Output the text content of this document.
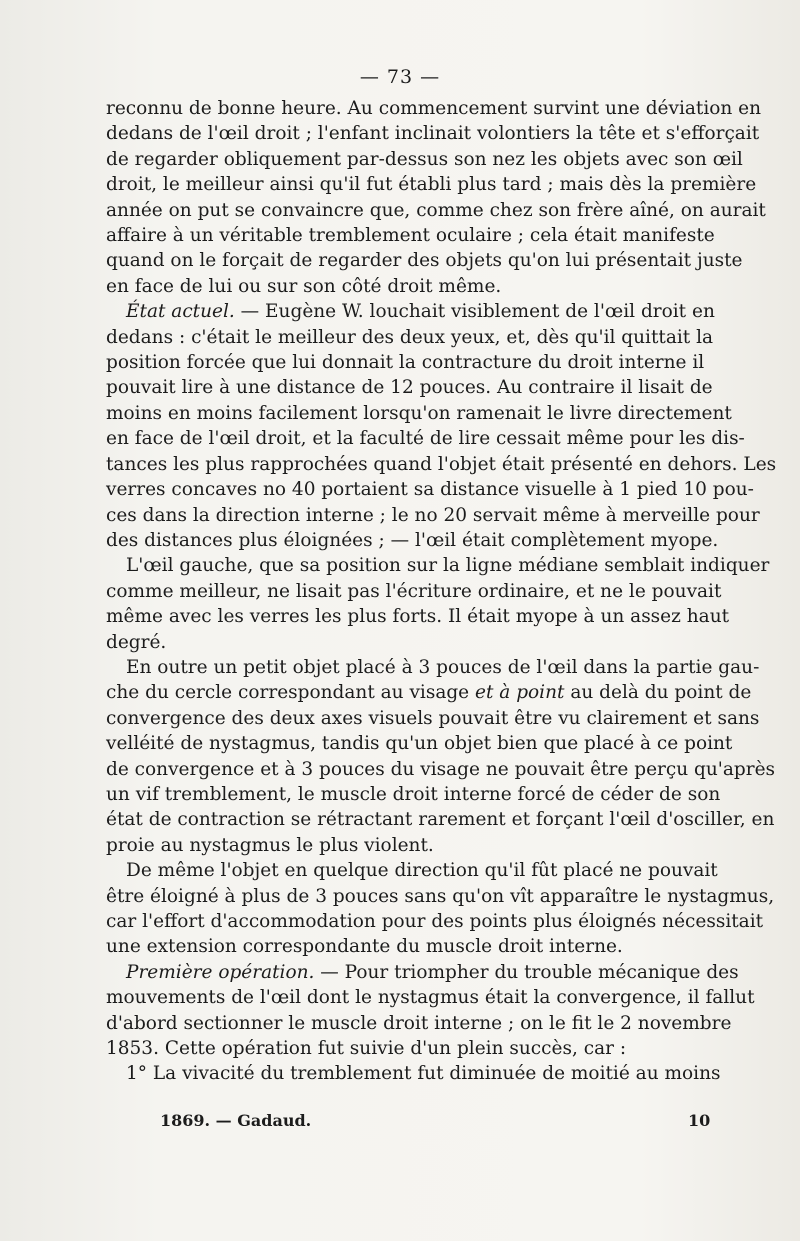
— 73 —
reconnu de bonne heure. Au commencement survint une déviation en
dedans de l'œil droit ; l'enfant inclinait volontiers la tête et s'efforçait
de regarder obliquement par-dessus son nez les objets avec son œil
droit, le meilleur ainsi qu'il fut établi plus tard ; mais dès la première
année on put se convaincre que, comme chez son frère aîné, on aurait
affaire à un véritable tremblement oculaire ; cela était manifeste
quand on le forçait de regarder des objets qu'on lui présentait juste
en face de lui ou sur son côté droit même.
État actuel. — Eugène W. louchait visiblement de l'œil droit en
dedans : c'était le meilleur des deux yeux, et, dès qu'il quittait la
position forcée que lui donnait la contracture du droit interne il
pouvait lire à une distance de 12 pouces. Au contraire il lisait de
moins en moins facilement lorsqu'on ramenait le livre directement
en face de l'œil droit, et la faculté de lire cessait même pour les dis-
tances les plus rapprochées quand l'objet était présenté en dehors. Les
verres concaves no 40 portaient sa distance visuelle à 1 pied 10 pou-
ces dans la direction interne ; le no 20 servait même à merveille pour
des distances plus éloignées ; — l'œil était complètement myope.
L'œil gauche, que sa position sur la ligne médiane semblait indiquer
comme meilleur, ne lisait pas l'écriture ordinaire, et ne le pouvait
même avec les verres les plus forts. Il était myope à un assez haut
degré.
En outre un petit objet placé à 3 pouces de l'œil dans la partie gau-
che du cercle correspondant au visage et à point au delà du point de
convergence des deux axes visuels pouvait être vu clairement et sans
velléité de nystagmus, tandis qu'un objet bien que placé à ce point
de convergence et à 3 pouces du visage ne pouvait être perçu qu'après
un vif tremblement, le muscle droit interne forcé de céder de son
état de contraction se rétractant rarement et forçant l'œil d'osciller, en
proie au nystagmus le plus violent.
De même l'objet en quelque direction qu'il fût placé ne pouvait
être éloigné à plus de 3 pouces sans qu'on vît apparaître le nystagmus,
car l'effort d'accommodation pour des points plus éloignés nécessitait
une extension correspondante du muscle droit interne.
Première opération. — Pour triompher du trouble mécanique des
mouvements de l'œil dont le nystagmus était la convergence, il fallut
d'abord sectionner le muscle droit interne ; on le fit le 2 novembre
1853. Cette opération fut suivie d'un plein succès, car :
1° La vivacité du tremblement fut diminuée de moitié au moins
1869. — Gadaud.	10
